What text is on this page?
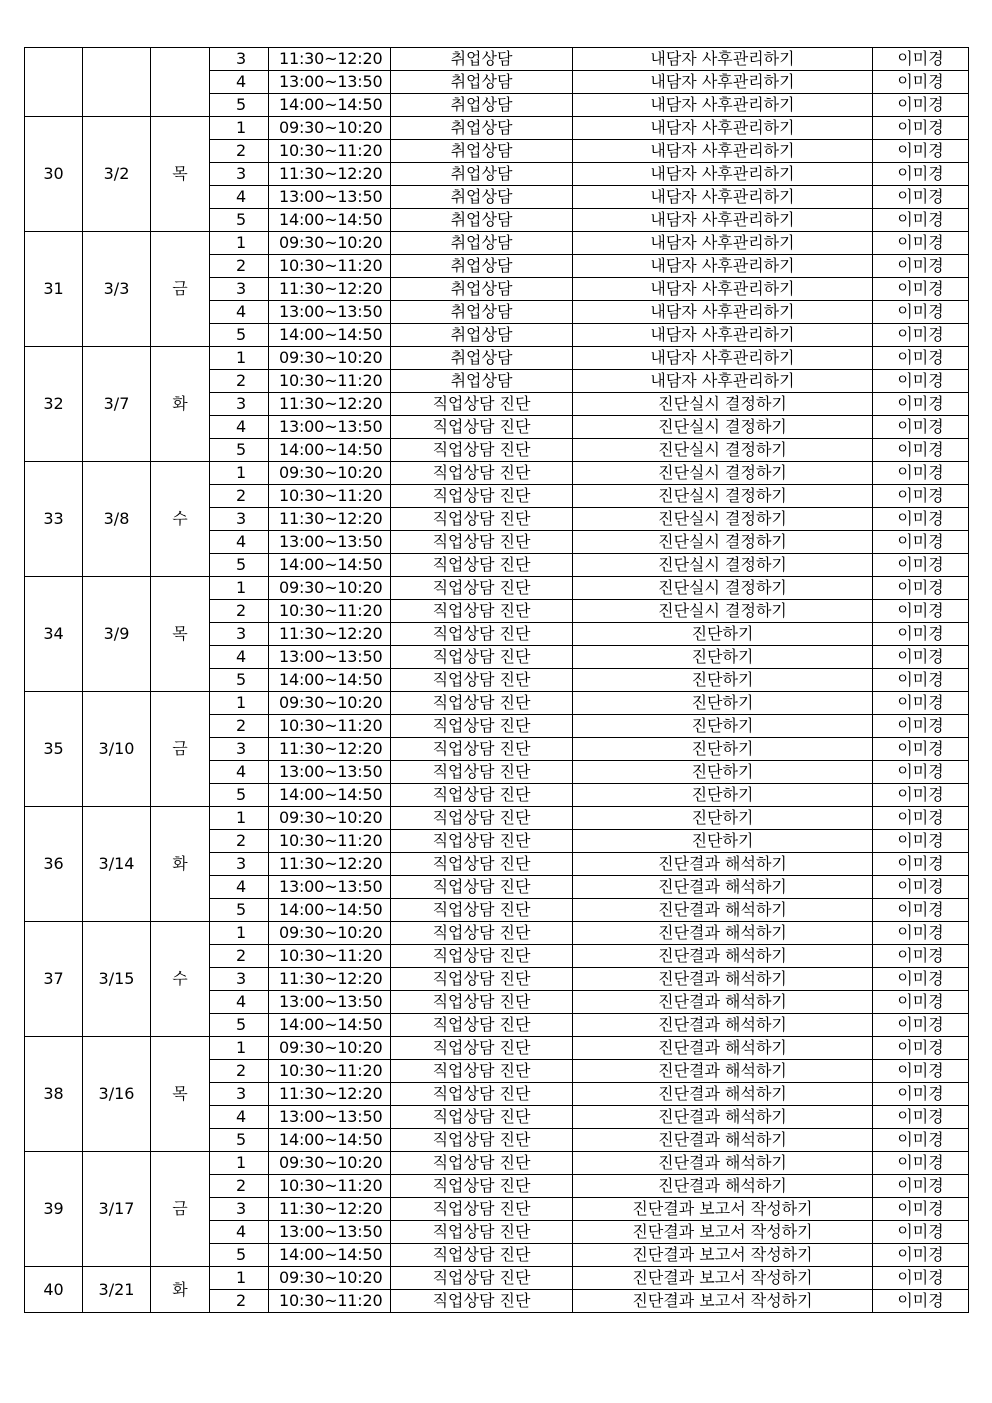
			3	11:30~12:20	취업상담	내담자 사후관리하기	이미경
			4	13:00~13:50	취업상담	내담자 사후관리하기	이미경
			5	14:00~14:50	취업상담	내담자 사후관리하기	이미경
30	3/2	목	1	09:30~10:20	취업상담	내담자 사후관리하기	이미경
			2	10:30~11:20	취업상담	내담자 사후관리하기	이미경
			3	11:30~12:20	취업상담	내담자 사후관리하기	이미경
			4	13:00~13:50	취업상담	내담자 사후관리하기	이미경
			5	14:00~14:50	취업상담	내담자 사후관리하기	이미경
31	3/3	금	1	09:30~10:20	취업상담	내담자 사후관리하기	이미경
			2	10:30~11:20	취업상담	내담자 사후관리하기	이미경
			3	11:30~12:20	취업상담	내담자 사후관리하기	이미경
			4	13:00~13:50	취업상담	내담자 사후관리하기	이미경
			5	14:00~14:50	취업상담	내담자 사후관리하기	이미경
32	3/7	화	1	09:30~10:20	취업상담	내담자 사후관리하기	이미경
			2	10:30~11:20	취업상담	내담자 사후관리하기	이미경
			3	11:30~12:20	직업상담 진단	진단실시 결정하기	이미경
			4	13:00~13:50	직업상담 진단	진단실시 결정하기	이미경
			5	14:00~14:50	직업상담 진단	진단실시 결정하기	이미경
33	3/8	수	1	09:30~10:20	직업상담 진단	진단실시 결정하기	이미경
			2	10:30~11:20	직업상담 진단	진단실시 결정하기	이미경
			3	11:30~12:20	직업상담 진단	진단실시 결정하기	이미경
			4	13:00~13:50	직업상담 진단	진단실시 결정하기	이미경
			5	14:00~14:50	직업상담 진단	진단실시 결정하기	이미경
34	3/9	목	1	09:30~10:20	직업상담 진단	진단실시 결정하기	이미경
			2	10:30~11:20	직업상담 진단	진단실시 결정하기	이미경
			3	11:30~12:20	직업상담 진단	진단하기	이미경
			4	13:00~13:50	직업상담 진단	진단하기	이미경
			5	14:00~14:50	직업상담 진단	진단하기	이미경
35	3/10	금	1	09:30~10:20	직업상담 진단	진단하기	이미경
			2	10:30~11:20	직업상담 진단	진단하기	이미경
			3	11:30~12:20	직업상담 진단	진단하기	이미경
			4	13:00~13:50	직업상담 진단	진단하기	이미경
			5	14:00~14:50	직업상담 진단	진단하기	이미경
36	3/14	화	1	09:30~10:20	직업상담 진단	진단하기	이미경
			2	10:30~11:20	직업상담 진단	진단하기	이미경
			3	11:30~12:20	직업상담 진단	진단결과 해석하기	이미경
			4	13:00~13:50	직업상담 진단	진단결과 해석하기	이미경
			5	14:00~14:50	직업상담 진단	진단결과 해석하기	이미경
37	3/15	수	1	09:30~10:20	직업상담 진단	진단결과 해석하기	이미경
			2	10:30~11:20	직업상담 진단	진단결과 해석하기	이미경
			3	11:30~12:20	직업상담 진단	진단결과 해석하기	이미경
			4	13:00~13:50	직업상담 진단	진단결과 해석하기	이미경
			5	14:00~14:50	직업상담 진단	진단결과 해석하기	이미경
38	3/16	목	1	09:30~10:20	직업상담 진단	진단결과 해석하기	이미경
			2	10:30~11:20	직업상담 진단	진단결과 해석하기	이미경
			3	11:30~12:20	직업상담 진단	진단결과 해석하기	이미경
			4	13:00~13:50	직업상담 진단	진단결과 해석하기	이미경
			5	14:00~14:50	직업상담 진단	진단결과 해석하기	이미경
39	3/17	금	1	09:30~10:20	직업상담 진단	진단결과 해석하기	이미경
			2	10:30~11:20	직업상담 진단	진단결과 해석하기	이미경
			3	11:30~12:20	직업상담 진단	진단결과 보고서 작성하기	이미경
			4	13:00~13:50	직업상담 진단	진단결과 보고서 작성하기	이미경
			5	14:00~14:50	직업상담 진단	진단결과 보고서 작성하기	이미경
40	3/21	화	1	09:30~10:20	직업상담 진단	진단결과 보고서 작성하기	이미경
			2	10:30~11:20	직업상담 진단	진단결과 보고서 작성하기	이미경
